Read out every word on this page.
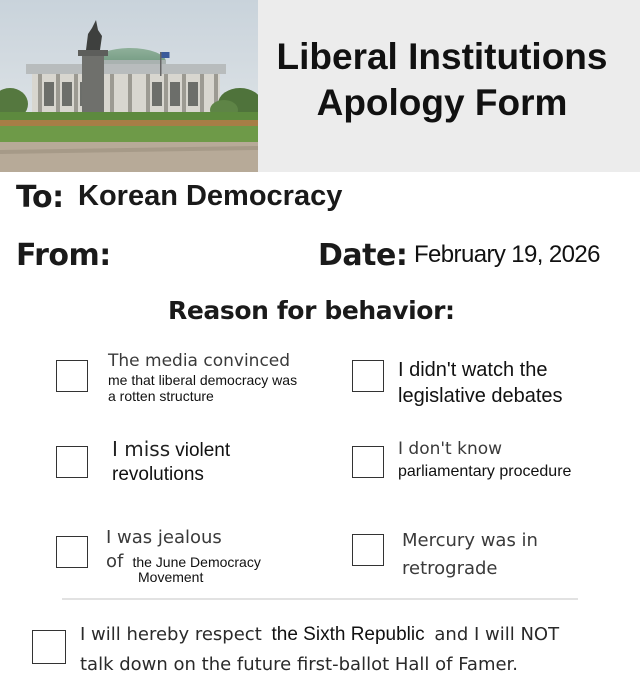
Liberal Institutions
Apology Form
To: Korean Democracy
From:	Date: February 19, 2026
Reason for behavior:
The media convinced
me that liberal democracy was
a rotten structure
I didn't watch the
legislative debates
I miss violent
revolutions
I don't know
parliamentary procedure
I was jealous
of the June Democracy
Movement
Mercury was in
retrograde
I will hereby respect the Sixth Republic and I will NOT
talk down on the future first-ballot Hall of Famer.
